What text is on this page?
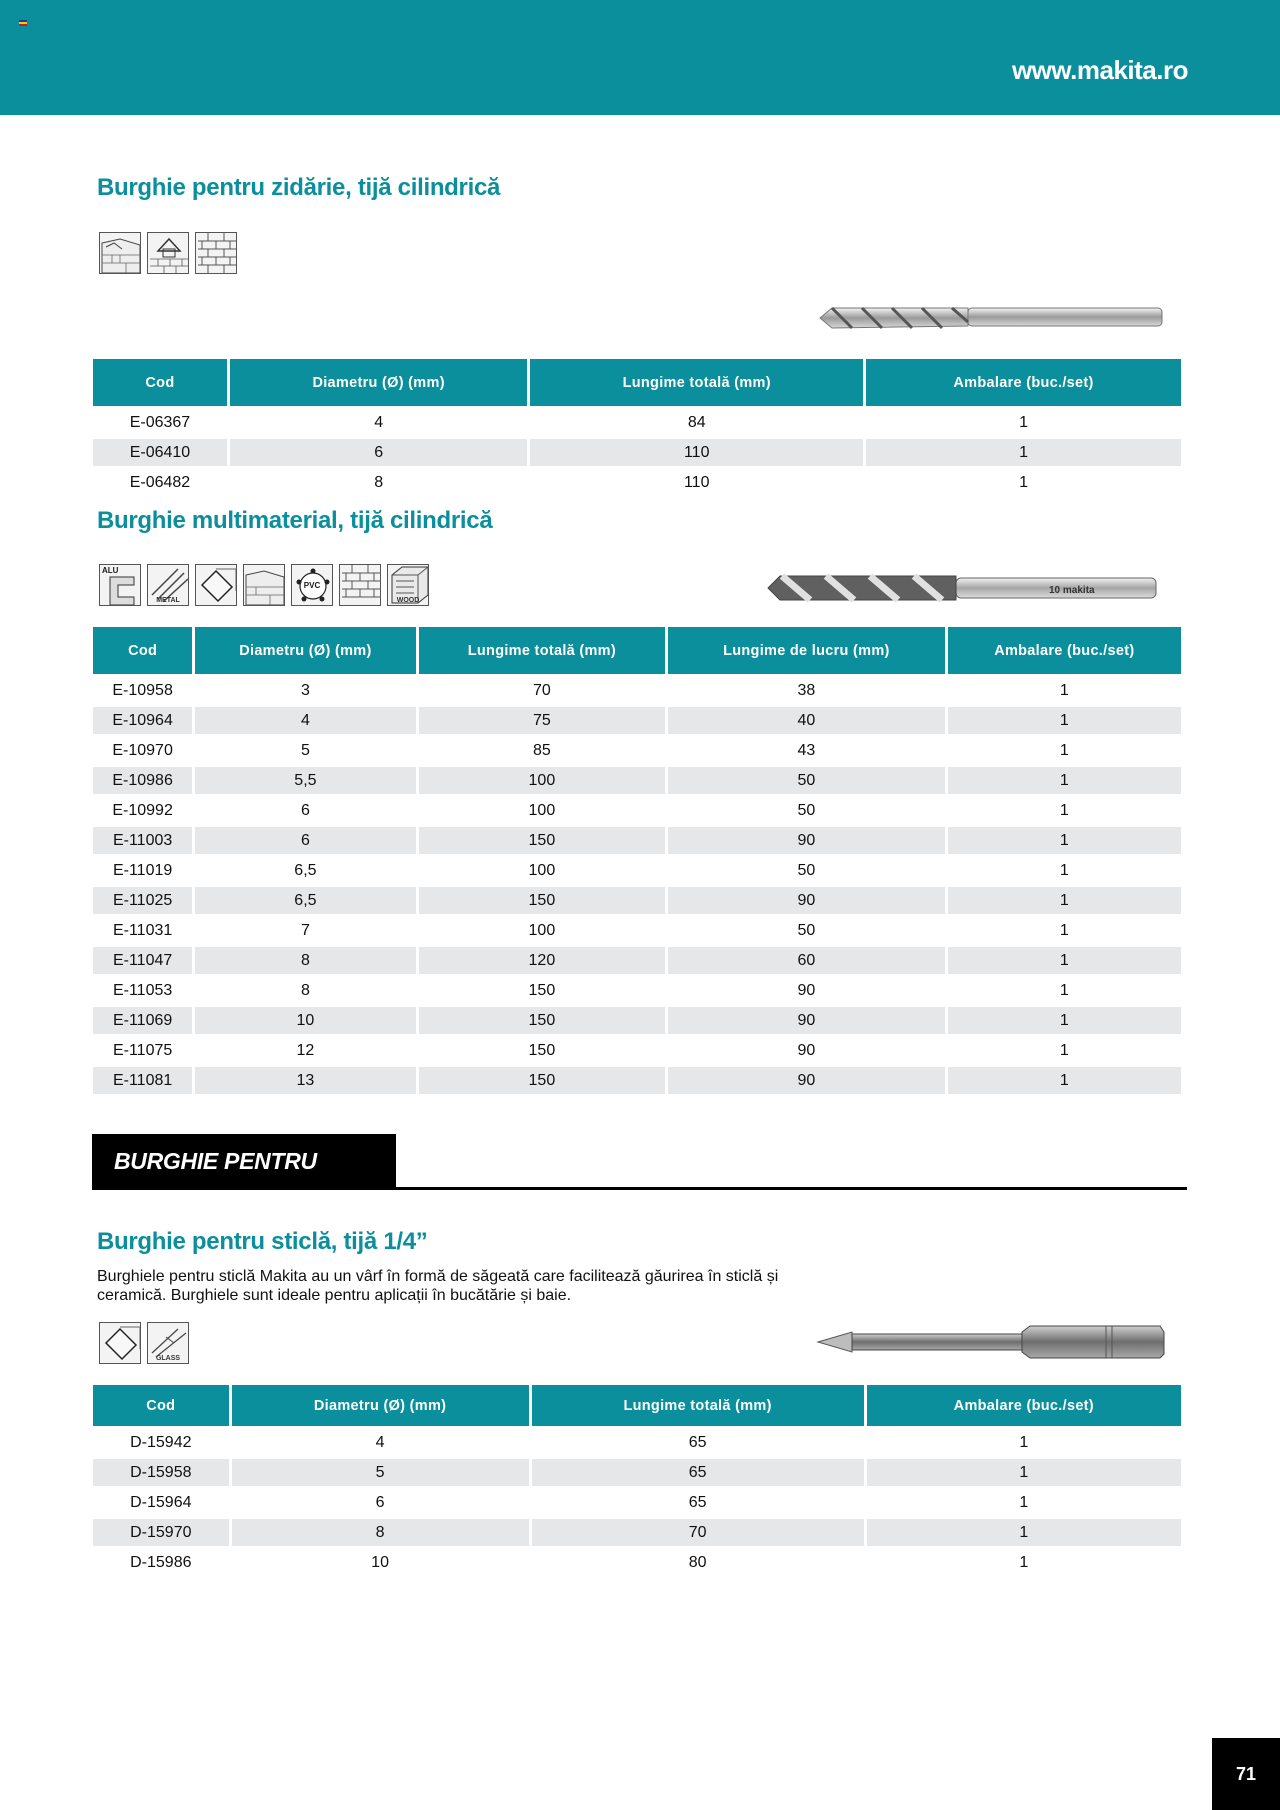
www.makita.ro
Burghie pentru zidărie, tijă cilindrică
Cod	Diametru (Ø) (mm)	Lungime totală (mm)	Ambalare (buc./set)
E-06367	4	84	1
E-06410	6	110	1
E-06482	8	110	1
Burghie multimaterial, tijă cilindrică
ALU
METAL
PVC
WOOD
10 makita
Cod	Diametru (Ø) (mm)	Lungime totală (mm)	Lungime de lucru (mm)	Ambalare (buc./set)
E-10958	3	70	38	1
E-10964	4	75	40	1
E-10970	5	85	43	1
E-10986	5,5	100	50	1
E-10992	6	100	50	1
E-11003	6	150	90	1
E-11019	6,5	100	50	1
E-11025	6,5	150	90	1
E-11031	7	100	50	1
E-11047	8	120	60	1
E-11053	8	150	90	1
E-11069	10	150	90	1
E-11075	12	150	90	1
E-11081	13	150	90	1
BURGHIE PENTRU STICLĂ
Burghie pentru sticlă, tijă 1/4”
Burghiele pentru sticlă Makita au un vârf în formă de săgeată care facilitează găurirea în sticlă și ceramică. Burghiele sunt ideale pentru aplicații în bucătărie și baie.
GLASS
Cod	Diametru (Ø) (mm)	Lungime totală (mm)	Ambalare (buc./set)
D-15942	4	65	1
D-15958	5	65	1
D-15964	6	65	1
D-15970	8	70	1
D-15986	10	80	1
71
